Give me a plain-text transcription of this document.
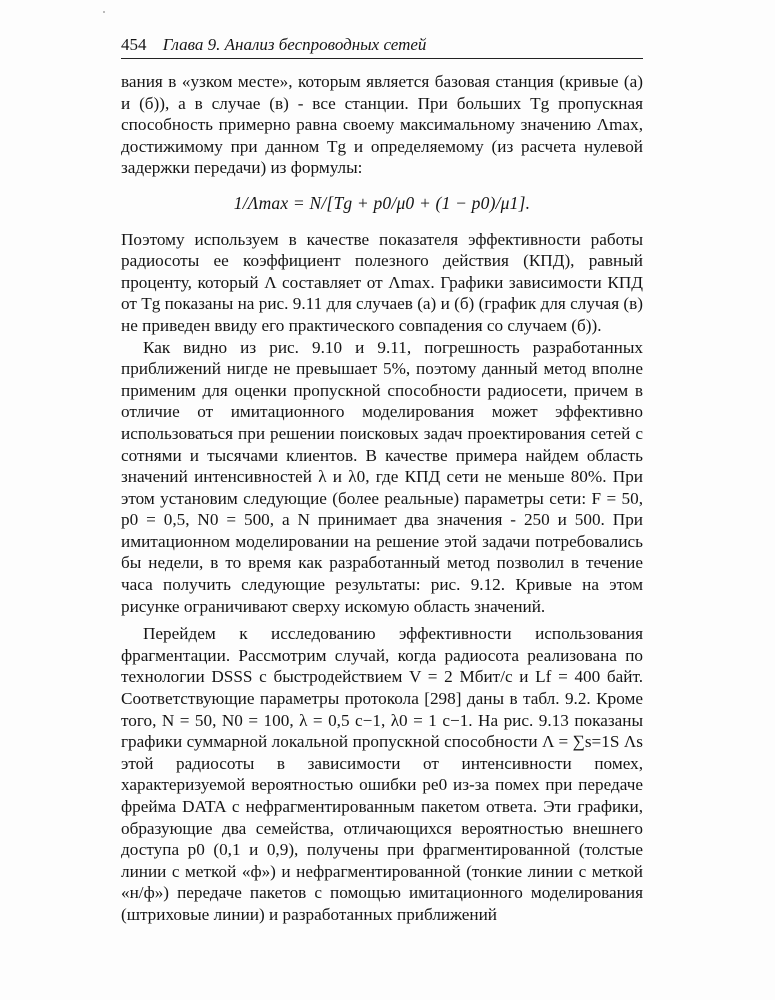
454 Глава 9. Анализ беспроводных сетей

вания в «узком месте», которым является базовая станция (кривые (а) и (б)), а в случае (в) - все станции. При больших Tg пропускная способность примерно равна своему максимальному значению Λmax, достижимому при данном Tg и определяемому (из расчета нулевой задержки передачи) из формулы:

1/Λmax = N/[Tg + p0/μ0 + (1 − p0)/μ1].

Поэтому используем в качестве показателя эффективности работы радиосоты ее коэффициент полезного действия (КПД), равный проценту, который Λ составляет от Λmax. Графики зависимости КПД от Tg показаны на рис. 9.11 для случаев (а) и (б) (график для случая (в) не приведен ввиду его практического совпадения со случаем (б)).

Как видно из рис. 9.10 и 9.11, погрешность разработанных приближений нигде не превышает 5%, поэтому данный метод вполне применим для оценки пропускной способности радиосети, причем в отличие от имитационного моделирования может эффективно использоваться при решении поисковых задач проектирования сетей с сотнями и тысячами клиентов. В качестве примера найдем область значений интенсивностей λ и λ0, где КПД сети не меньше 80%. При этом установим следующие (более реальные) параметры сети: F = 50, p0 = 0,5, N0 = 500, а N принимает два значения - 250 и 500. При имитационном моделировании на решение этой задачи потребовались бы недели, в то время как разработанный метод позволил в течение часа получить следующие результаты: рис. 9.12. Кривые на этом рисунке ограничивают сверху искомую область значений.

Перейдем к исследованию эффективности использования фрагментации. Рассмотрим случай, когда радиосота реализована по технологии DSSS с быстродействием V = 2 Мбит/с и Lf = 400 байт. Соответствующие параметры протокола [298] даны в табл. 9.2. Кроме того, N = 50, N0 = 100, λ = 0,5 c−1, λ0 = 1 c−1. На рис. 9.13 показаны графики суммарной локальной пропускной способности Λ = ∑s=1S Λs этой радиосоты в зависимости от интенсивности помех, характеризуемой вероятностью ошибки pe0 из-за помех при передаче фрейма DATA с нефрагментированным пакетом ответа. Эти графики, образующие два семейства, отличающихся вероятностью внешнего доступа p0 (0,1 и 0,9), получены при фрагментированной (толстые линии с меткой «ф») и нефрагментированной (тонкие линии с меткой «н/ф») передаче пакетов с помощью имитационного моделирования (штриховые линии) и разработанных приближений
